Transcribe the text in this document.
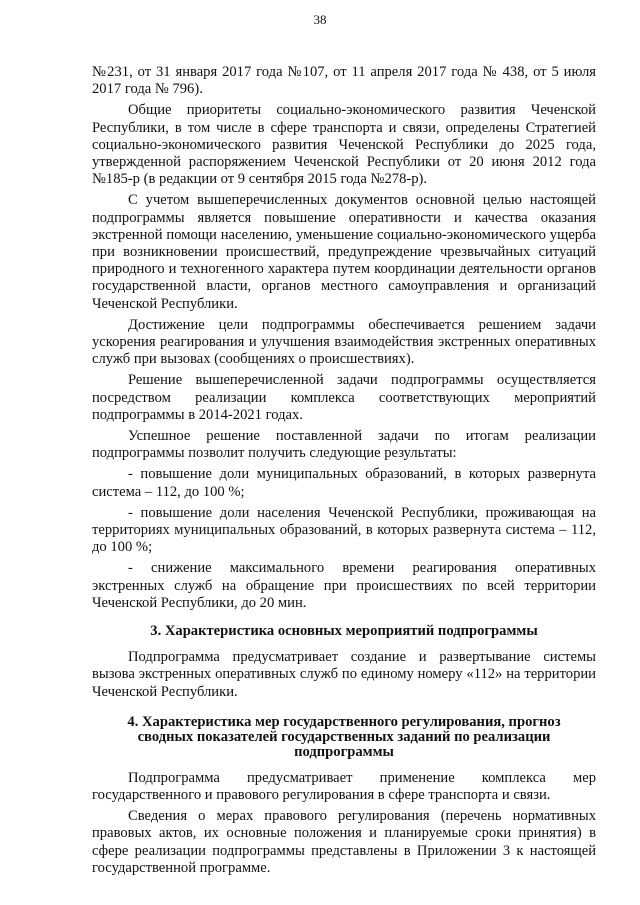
38

№231, от 31 января 2017 года №107, от 11 апреля 2017 года № 438, от 5 июля 2017 года № 796).

Общие приоритеты социально-экономического развития Чеченской Республики, в том числе в сфере транспорта и связи, определены Стратегией социально-экономического развития Чеченской Республики до 2025 года, утвержденной распоряжением Чеченской Республики от 20 июня 2012 года №185-р (в редакции от 9 сентября 2015 года №278-р).

С учетом вышеперечисленных документов основной целью настоящей подпрограммы является повышение оперативности и качества оказания экстренной помощи населению, уменьшение социально-экономического ущерба при возникновении происшествий, предупреждение чрезвычайных ситуаций природного и техногенного характера путем координации деятельности органов государственной власти, органов местного самоуправления и организаций Чеченской Республики.

Достижение цели подпрограммы обеспечивается решением задачи ускорения реагирования и улучшения взаимодействия экстренных оперативных служб при вызовах (сообщениях о происшествиях).

Решение вышеперечисленной задачи подпрограммы осуществляется посредством реализации комплекса соответствующих мероприятий подпрограммы в 2014-2021 годах.

Успешное решение поставленной задачи по итогам реализации подпрограммы позволит получить следующие результаты:

- повышение доли муниципальных образований, в которых развернута система – 112, до 100 %;

- повышение доли населения Чеченской Республики, проживающая на территориях муниципальных образований, в которых развернута система – 112, до 100 %;

- снижение максимального времени реагирования оперативных экстренных служб на обращение при происшествиях по всей территории Чеченской Республики, до 20 мин.

3. Характеристика основных мероприятий подпрограммы

Подпрограмма предусматривает создание и развертывание системы вызова экстренных оперативных служб по единому номеру «112» на территории Чеченской Республики.

4. Характеристика мер государственного регулирования, прогноз
сводных показателей государственных заданий по реализации
подпрограммы

Подпрограмма предусматривает применение комплекса мер государственного и правового регулирования в сфере транспорта и связи.

Сведения о мерах правового регулирования (перечень нормативных правовых актов, их основные положения и планируемые сроки принятия) в сфере реализации подпрограммы представлены в Приложении 3 к настоящей государственной программе.
